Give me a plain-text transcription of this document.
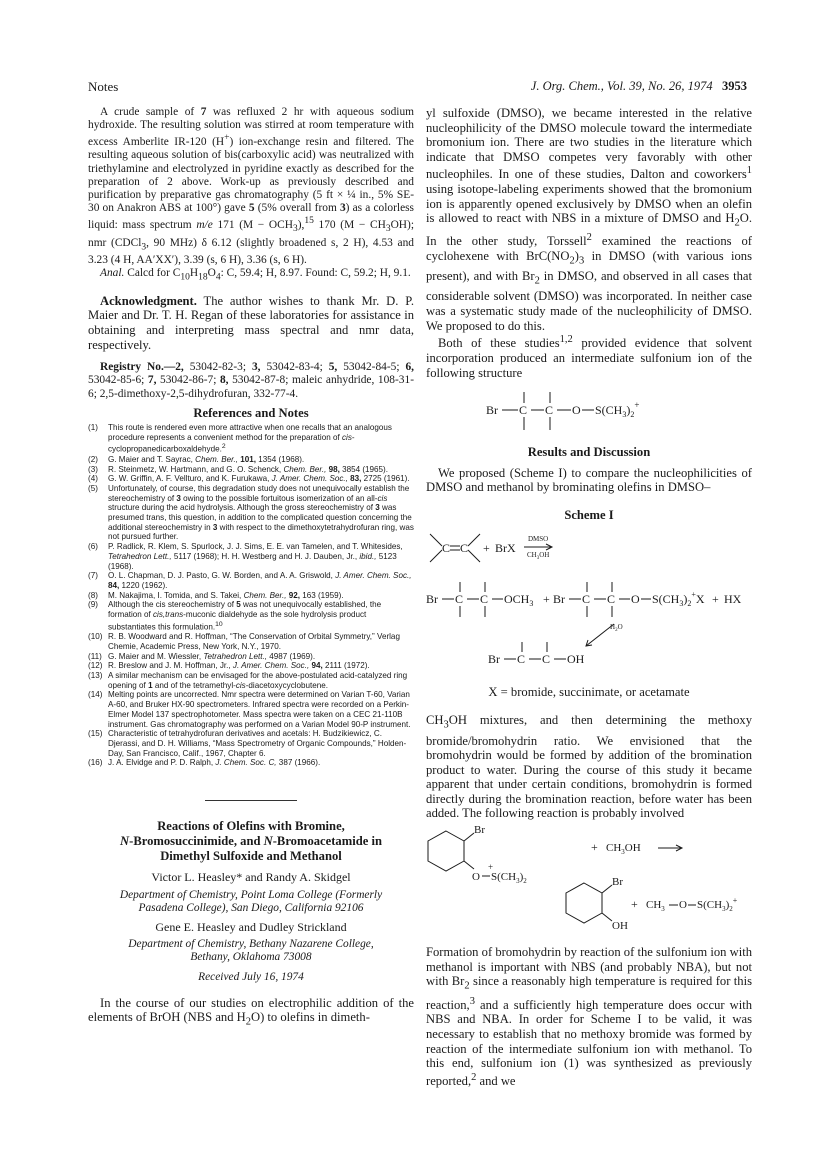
Notes	J. Org. Chem., Vol. 39, No. 26, 1974 3953

A crude sample of 7 was refluxed 2 hr with aqueous sodium hydroxide. The resulting solution was stirred at room temperature with excess Amberlite IR-120 (H+) ion-exchange resin and filtered. The resulting aqueous solution of bis(carboxylic acid) was neutralized with triethylamine and electrolyzed in pyridine exactly as described for the preparation of 2 above. Work-up as previously described and purification by preparative gas chromatography (5 ft × ¼ in., 5% SE-30 on Anakron ABS at 100°) gave 5 (5% overall from 3) as a colorless liquid: mass spectrum m/e 171 $(M - OCH_3),^{15}$ 170 $(M - CH_3OH)$; nmr (CDCl$_3$, 90 MHz) δ 6.12 (slightly broadened s, 2 H), 4.53 and 3.23 (4 H, AA′XX′), 3.39 (s, 6 H), 3.36 (s, 6 H).

Anal. Calcd for $C_{10}H_{18}O_4$: C, 59.4; H, 8.97. Found: C, 59.2; H, 9.1.

Acknowledgment. The author wishes to thank Mr. D. P. Maier and Dr. T. H. Regan of these laboratories for assistance in obtaining and interpreting mass spectral and nmr data, respectively.

Registry No.—2, 53042-82-3; 3, 53042-83-4; 5, 53042-84-5; 6, 53042-85-6; 7, 53042-86-7; 8, 53042-87-8; maleic anhydride, 108-31-6; 2,5-dimethoxy-2,5-dihydrofuran, 332-77-4.

References and Notes
(1)	This route is rendered even more attractive when one recalls that an analogous procedure represents a convenient method for the preparation of cis-cyclopropanedicarboxaldehyde.$^2$
(2)	G. Maier and T. Sayrac, Chem. Ber., 101, 1354 (1968).
(3)	R. Steinmetz, W. Hartmann, and G. O. Schenck, Chem. Ber., 98, 3854 (1965).
(4)	G. W. Griffin, A. F. Vellturo, and K. Furukawa, J. Amer. Chem. Soc., 83, 2725 (1961).
(5)	Unfortunately, of course, this degradation study does not unequivocally establish the stereochemistry of 3 owing to the possible fortuitous isomerization of an all-cis structure during the acid hydrolysis. Although the gross stereochemistry of 3 was presumed trans, this question, in addition to the complicated question concerning the additional stereochemistry in 3 with respect to the dimethoxytetrahydrofuran ring, was not pursued further.
(6)	P. Radlick, R. Klem, S. Spurlock, J. J. Sims, E. E. van Tamelen, and T. Whitesides, Tetrahedron Lett., 5117 (1968); H. H. Westberg and H. J. Dauben, Jr., ibid., 5123 (1968).
(7)	O. L. Chapman, D. J. Pasto, G. W. Borden, and A. A. Griswold, J. Amer. Chem. Soc., 84, 1220 (1962).
(8)	M. Nakajima, I. Tomida, and S. Takei, Chem. Ber., 92, 163 (1959).
(9)	Although the cis stereochemistry of 5 was not unequivocally established, the formation of cis,trans-muconic dialdehyde as the sole hydrolysis product substantiates this formulation.$^{10}$
(10) R. B. Woodward and R. Hoffman, “The Conservation of Orbital Symmetry,” Verlag Chemie, Academic Press, New York, N.Y., 1970.
(11) G. Maier and M. Wiessler, Tetrahedron Lett., 4987 (1969).
(12) R. Breslow and J. M. Hoffman, Jr., J. Amer. Chem. Soc., 94, 2111 (1972).
(13) A similar mechanism can be envisaged for the above-postulated acid-catalyzed ring opening of 1 and of the tetramethyl-cis-diacetoxycyclobutene.
(14) Melting points are uncorrected. Nmr spectra were determined on Varian T-60, Varian A-60, and Bruker HX-90 spectrometers. Infrared spectra were recorded on a Perkin-Elmer Model 137 spectrophotometer. Mass spectra were taken on a CEC 21-110B instrument. Gas chromatography was performed on a Varian Model 90-P instrument.
(15) Characteristic of tetrahydrofuran derivatives and acetals: H. Budzikiewicz, C. Djerassi, and D. H. Williams, “Mass Spectrometry of Organic Compounds,” Holden-Day, San Francisco, Calif., 1967, Chapter 6.
(16) J. A. Elvidge and P. D. Ralph, J. Chem. Soc. C, 387 (1966).
Reactions of Olefins with Bromine,
N-Bromosuccinimide, and N-Bromoacetamide in
Dimethyl Sulfoxide and Methanol
Victor L. Heasley* and Randy A. Skidgel
Department of Chemistry, Point Loma College (Formerly
Pasadena College), San Diego, California 92106
Gene E. Heasley and Dudley Strickland
Department of Chemistry, Bethany Nazarene College,
Bethany, Oklahoma 73008
Received July 16, 1974

In the course of our studies on electrophilic addition of the elements of BrOH (NBS and $H_2O$) to olefins in dimeth-

yl sulfoxide (DMSO), we became interested in the relative nucleophilicity of the DMSO molecule toward the intermediate bromonium ion. There are two studies in the literature which indicate that DMSO competes very favorably with other nucleophiles. In one of these studies, Dalton and coworkers$^1$ using isotope-labeling experiments showed that the bromonium ion is apparently opened exclusively by DMSO when an olefin is allowed to react with NBS in a mixture of DMSO and $H_2O$. In the other study, Torssell$^2$ examined the reactions of cyclohexene with $BrC(NO_2)_3$ in DMSO (with various ions present), and with $Br_2$ in DMSO, and observed in all cases that considerable solvent (DMSO) was incorporated. In neither case was a systematic study made of the nucleophilicity of DMSO. We proposed to do this.

Both of these studies$^{1,2}$ provided evidence that solvent incorporation produced an intermediate sulfonium ion of the following structure

Br C C O $S(CH_3)_2^+$
Results and Discussion

We proposed (Scheme I) to compare the nucleophilicities of DMSO and methanol by brominating olefins in DMSO–

Scheme I
C C + BrX
DMSO
$CH_3OH$
Br C C $OCH_3 + Br$ C C O $S(CH_3)_2^+X$ + HX
$H_2O$
Br C C OH
X = bromide, succinimate, or acetamate

$CH_3OH$ mixtures, and then determining the methoxy bromide/bromohydrin ratio. We envisioned that the bromohydrin would be formed by addition of the bromination product to water. During the course of this study it became apparent that under certain conditions, bromohydrin is formed directly during the bromination reaction, before water has been added. The following reaction is probably involved

Br
O
+
$S(CH_3)_2$
+ $CH_3OH$
Br
OH
+ $CH_3$ O $S(CH_3)_2^+$

Formation of bromohydrin by reaction of the sulfonium ion with methanol is important with NBS (and probably NBA), but not with $Br_2$ since a reasonably high temperature is required for this reaction,$^3$ and a sufficiently high temperature does occur with NBS and NBA. In order for Scheme I to be valid, it was necessary to establish that no methoxy bromide was formed by reaction of the intermediate sulfonium ion with methanol. To this end, sulfonium ion (1) was synthesized as previously reported,$^2$ and we
